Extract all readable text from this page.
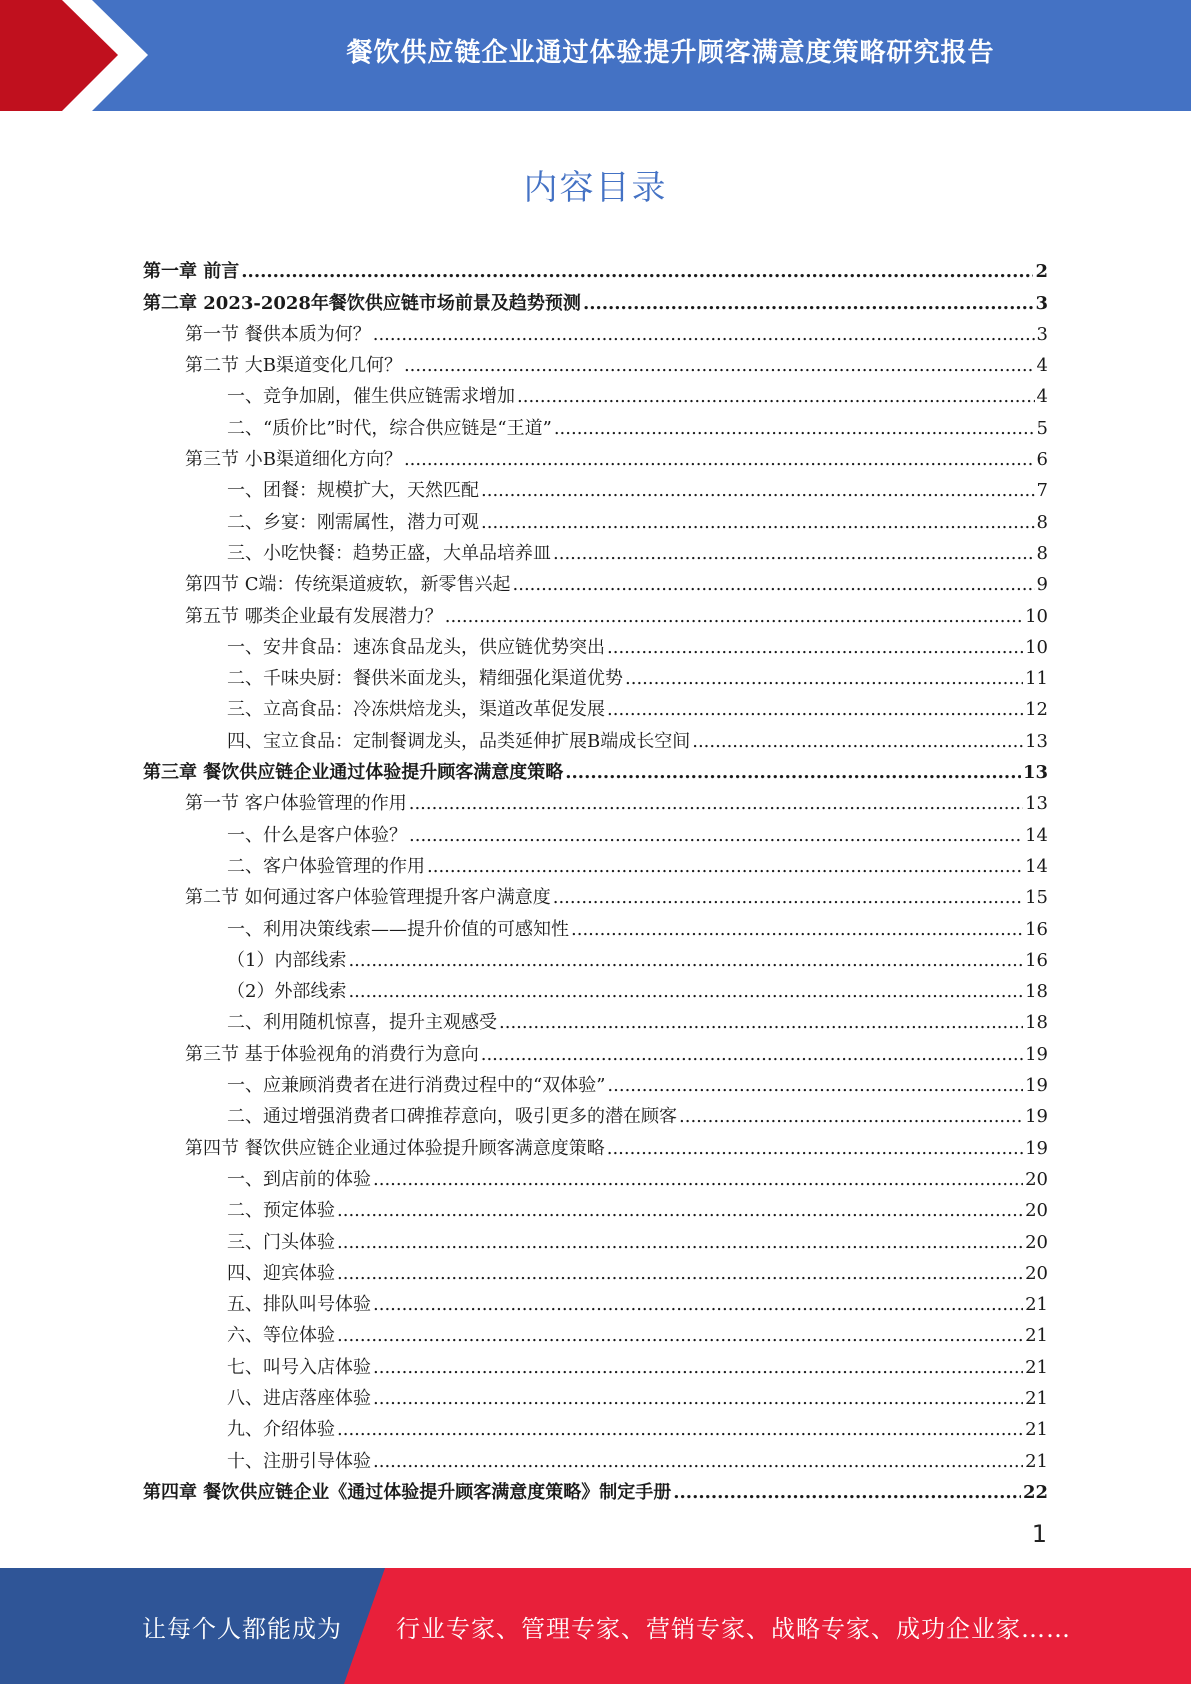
餐饮供应链企业通过体验提升顾客满意度策略研究报告
内容目录
第一章 前言 .....	2
第二章 2023-2028年餐饮供应链市场前景及趋势预测 .....	3
第一节 餐供本质为何？ .....	3
第二节 大B渠道变化几何？ .....	4
一、竞争加剧，催生供应链需求增加 .....	4
二、“质价比”时代，综合供应链是“王道” .....	5
第三节 小B渠道细化方向？ .....	6
一、团餐：规模扩大，天然匹配 .....	7
二、乡宴：刚需属性，潜力可观 .....	8
三、小吃快餐：趋势正盛，大单品培养皿 .....	8
第四节 C端：传统渠道疲软，新零售兴起 .....	9
第五节 哪类企业最有发展潜力？ .....	10
一、安井食品：速冻食品龙头，供应链优势突出 .....	10
二、千味央厨：餐供米面龙头，精细强化渠道优势 .....	11
三、立高食品：冷冻烘焙龙头，渠道改革促发展 .....	12
四、宝立食品：定制餐调龙头，品类延伸扩展B端成长空间 .....	13
第三章 餐饮供应链企业通过体验提升顾客满意度策略 .....	13
第一节 客户体验管理的作用 .....	13
一、什么是客户体验？ .....	14
二、客户体验管理的作用 .....	14
第二节 如何通过客户体验管理提升客户满意度 .....	15
一、利用决策线索——提升价值的可感知性 .....	16
（1）内部线索 .....	16
（2）外部线索 .....	18
二、利用随机惊喜，提升主观感受 .....	18
第三节 基于体验视角的消费行为意向 .....	19
一、应兼顾消费者在进行消费过程中的“双体验” .....	19
二、通过增强消费者口碑推荐意向，吸引更多的潜在顾客 .....	19
第四节 餐饮供应链企业通过体验提升顾客满意度策略 .....	19
一、到店前的体验 .....	20
二、预定体验 .....	20
三、门头体验 .....	20
四、迎宾体验 .....	20
五、排队叫号体验 .....	21
六、等位体验 .....	21
七、叫号入店体验 .....	21
八、进店落座体验 .....	21
九、介绍体验 .....	21
十、注册引导体验 .....	21
第四章 餐饮供应链企业《通过体验提升顾客满意度策略》制定手册 .....	22
1
让每个人都能成为 行业专家、管理专家、营销专家、战略专家、成功企业家……
